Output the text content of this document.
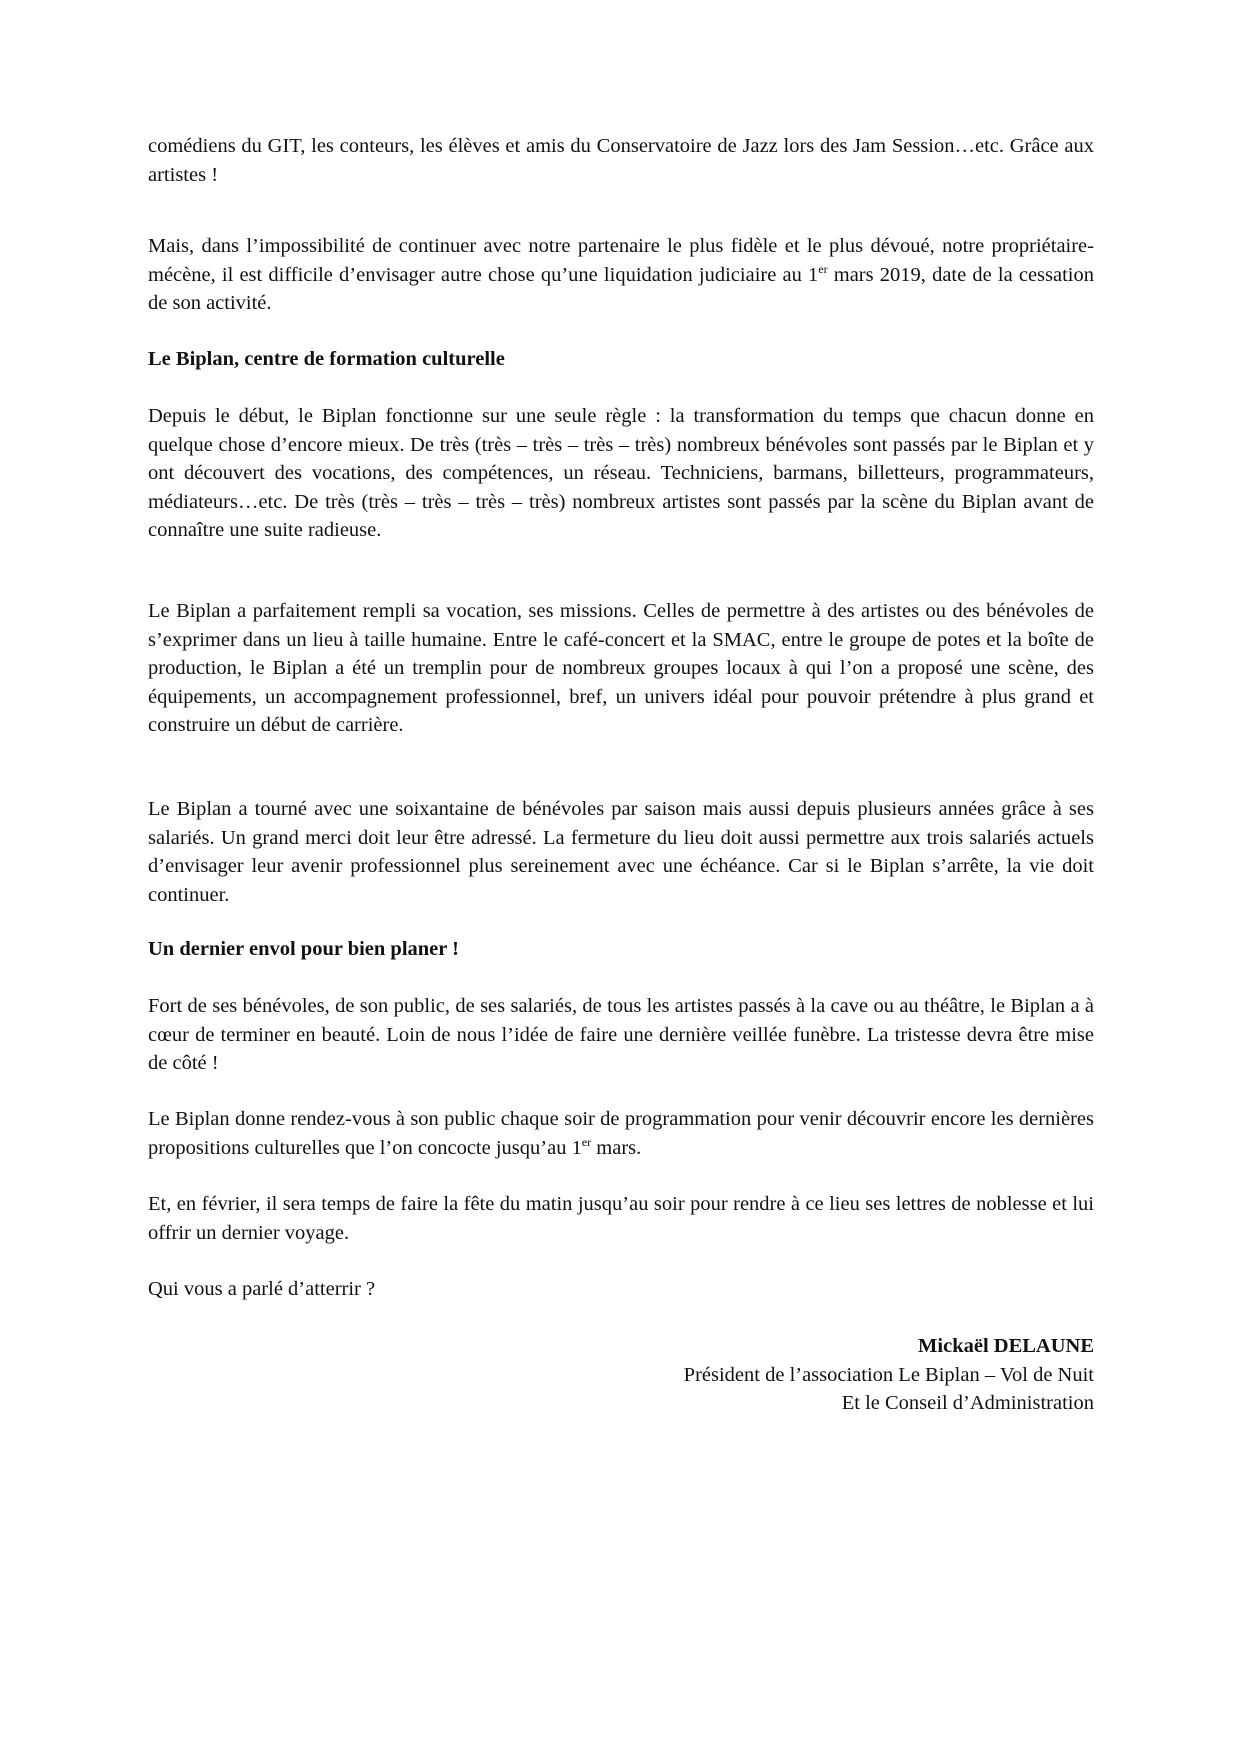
comédiens du GIT, les conteurs, les élèves et amis du Conservatoire de Jazz lors des Jam Session…etc. Grâce aux artistes !
Mais, dans l’impossibilité de continuer avec notre partenaire le plus fidèle et le plus dévoué, notre propriétaire-mécène, il est difficile d’envisager autre chose qu’une liquidation judiciaire au 1er mars 2019, date de la cessation de son activité.
Le Biplan, centre de formation culturelle
Depuis le début, le Biplan fonctionne sur une seule règle : la transformation du temps que chacun donne en quelque chose d’encore mieux. De très (très – très – très – très) nombreux bénévoles sont passés par le Biplan et y ont découvert des vocations, des compétences, un réseau. Techniciens, barmans, billetteurs, programmateurs, médiateurs…etc. De très (très – très – très – très) nombreux artistes sont passés par la scène du Biplan avant de connaître une suite radieuse.
Le Biplan a parfaitement rempli sa vocation, ses missions. Celles de permettre à des artistes ou des bénévoles de s’exprimer dans un lieu à taille humaine. Entre le café-concert et la SMAC, entre le groupe de potes et la boîte de production, le Biplan a été un tremplin pour de nombreux groupes locaux à qui l’on a proposé une scène, des équipements, un accompagnement professionnel, bref, un univers idéal pour pouvoir prétendre à plus grand et construire un début de carrière.
Le Biplan a tourné avec une soixantaine de bénévoles par saison mais aussi depuis plusieurs années grâce à ses salariés. Un grand merci doit leur être adressé. La fermeture du lieu doit aussi permettre aux trois salariés actuels d’envisager leur avenir professionnel plus sereinement avec une échéance. Car si le Biplan s’arrête, la vie doit continuer.
Un dernier envol pour bien planer !
Fort de ses bénévoles, de son public, de ses salariés, de tous les artistes passés à la cave ou au théâtre, le Biplan a à cœur de terminer en beauté. Loin de nous l’idée de faire une dernière veillée funèbre. La tristesse devra être mise de côté !
Le Biplan donne rendez-vous à son public chaque soir de programmation pour venir découvrir encore les dernières propositions culturelles que l’on concocte jusqu’au 1er mars.
Et, en février, il sera temps de faire la fête du matin jusqu’au soir pour rendre à ce lieu ses lettres de noblesse et lui offrir un dernier voyage.
Qui vous a parlé d’atterrir ?
Mickaël DELAUNE
Président de l’association Le Biplan – Vol de Nuit
Et le Conseil d’Administration
